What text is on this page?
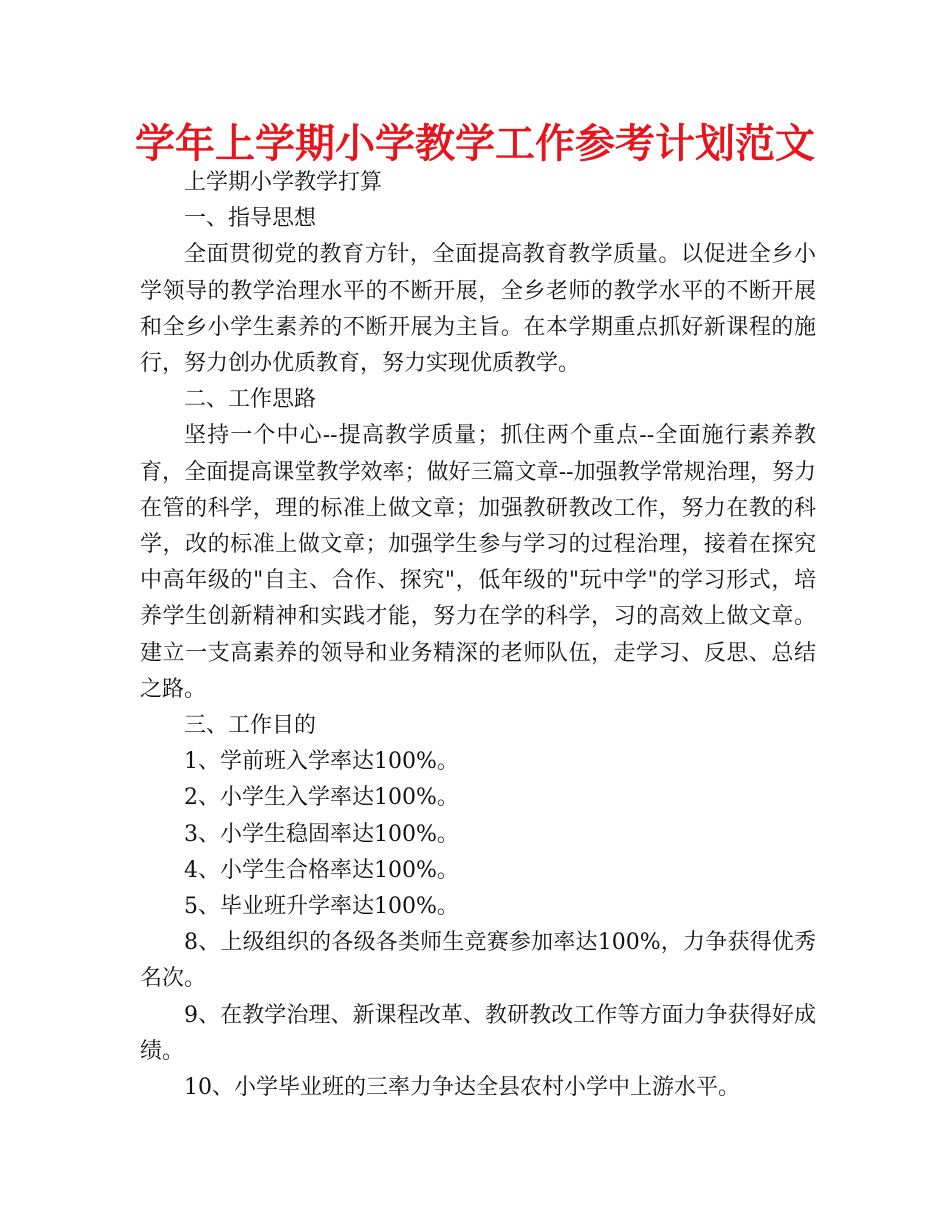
学年上学期小学教学工作参考计划范文

上学期小学教学打算

一、指导思想

全面贯彻党的教育方针，全面提高教育教学质量。以促进全乡小学领导的教学治理水平的不断开展，全乡老师的教学水平的不断开展和全乡小学生素养的不断开展为主旨。在本学期重点抓好新课程的施行，努力创办优质教育，努力实现优质教学。

二、工作思路

坚持一个中心--提高教学质量；抓住两个重点--全面施行素养教育，全面提高课堂教学效率；做好三篇文章--加强教学常规治理，努力在管的科学，理的标准上做文章；加强教研教改工作，努力在教的科学，改的标准上做文章；加强学生参与学习的过程治理，接着在探究中高年级的"自主、合作、探究"，低年级的"玩中学"的学习形式，培养学生创新精神和实践才能，努力在学的科学，习的高效上做文章。建立一支高素养的领导和业务精深的老师队伍，走学习、反思、总结之路。

三、工作目的

1、学前班入学率达100%。

2、小学生入学率达100%。

3、小学生稳固率达100%。

4、小学生合格率达100%。

5、毕业班升学率达100%。

8、上级组织的各级各类师生竞赛参加率达100%，力争获得优秀名次。

9、在教学治理、新课程改革、教研教改工作等方面力争获得好成绩。

10、小学毕业班的三率力争达全县农村小学中上游水平。
